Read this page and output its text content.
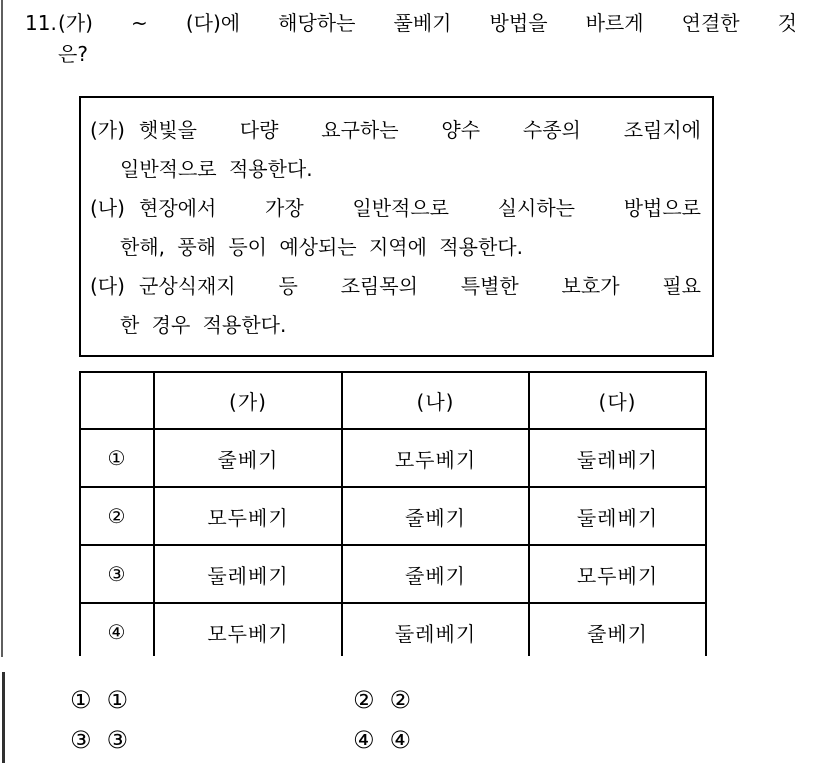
11. (가) ~ (다)에 해당하는 풀베기 방법을 바르게 연결한 것
은?
(가) 햇빛을 다량 요구하는 양수 수종의 조림지에
일반적으로 적용한다.
(나) 현장에서 가장 일반적으로 실시하는 방법으로
한해, 풍해 등이 예상되는 지역에 적용한다.
(다) 군상식재지 등 조림목의 특별한 보호가 필요
한 경우 적용한다.
	(가)	(나)	(다)
①	줄베기	모두베기	둘레베기
②	모두베기	줄베기	둘레베기
③	둘레베기	줄베기	모두베기
④	모두베기	둘레베기	줄베기
① ①	② ②
③ ③	④ ④
